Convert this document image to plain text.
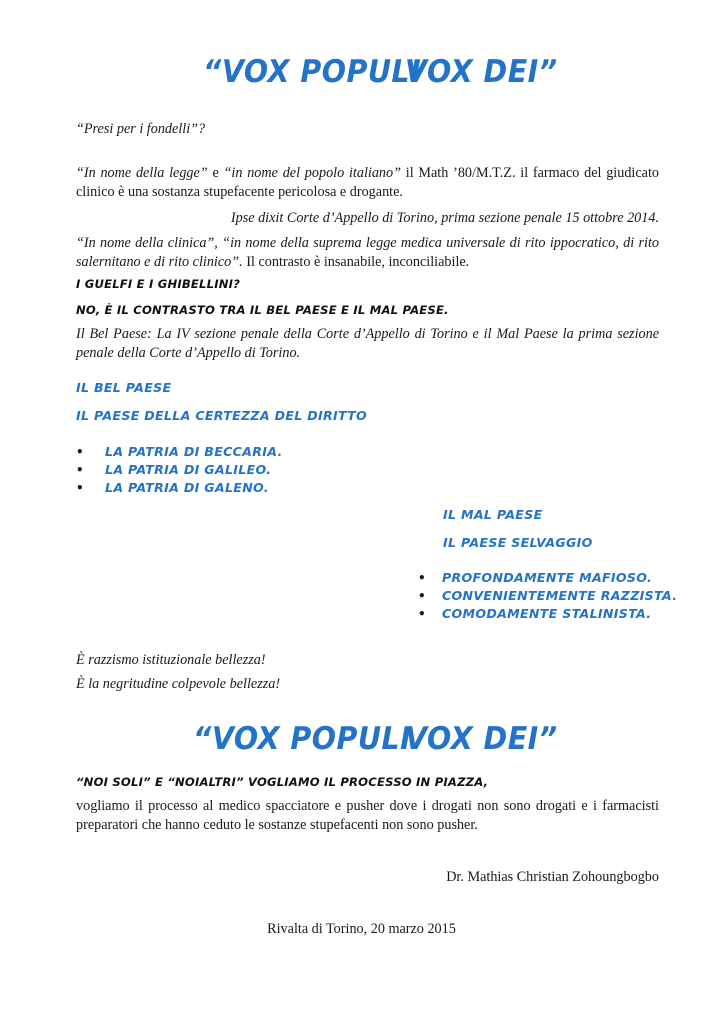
“VOX POPULI
VOX DEI”
“Presi per i fondelli”?
“In nome della legge” e “in nome del popolo italiano” il Math ’80/M.T.Z. il farmaco del giudicato clinico è una sostanza stupefacente pericolosa e drogante.
Ipse dixit Corte d’Appello di Torino, prima sezione penale 15 ottobre 2014.
“In nome della clinica”, “in nome della suprema legge medica universale di rito ippocratico, di rito salernitano e di rito clinico”. Il contrasto è insanabile, inconciliabile.
I GUELFI E I GHIBELLINI?
NO, È IL CONTRASTO TRA IL BEL PAESE E IL MAL PAESE.
Il Bel Paese: La IV sezione penale della Corte d’Appello di Torino e il Mal Paese la prima sezione penale della Corte d’Appello di Torino.
IL BEL PAESE
IL PAESE DELLA CERTEZZA DEL DIRITTO
• LA PATRIA DI BECCARIA.
• LA PATRIA DI GALILEO.
• LA PATRIA DI GALENO.
IL MAL PAESE
IL PAESE SELVAGGIO
• PROFONDAMENTE MAFIOSO.
• CONVENIENTEMENTE RAZZISTA.
• COMODAMENTE STALINISTA.
È razzismo istituzionale bellezza!
È la negritudine colpevole bellezza!
“VOX POPULI
VOX DEI”
“NOI SOLI” E “NOIALTRI” VOGLIAMO IL PROCESSO IN PIAZZA,
vogliamo il processo al medico spacciatore e pusher dove i drogati non sono drogati e i farmacisti preparatori che hanno ceduto le sostanze stupefacenti non sono pusher.
Dr. Mathias Christian Zohoungbogbo
Rivalta di Torino, 20 marzo 2015
